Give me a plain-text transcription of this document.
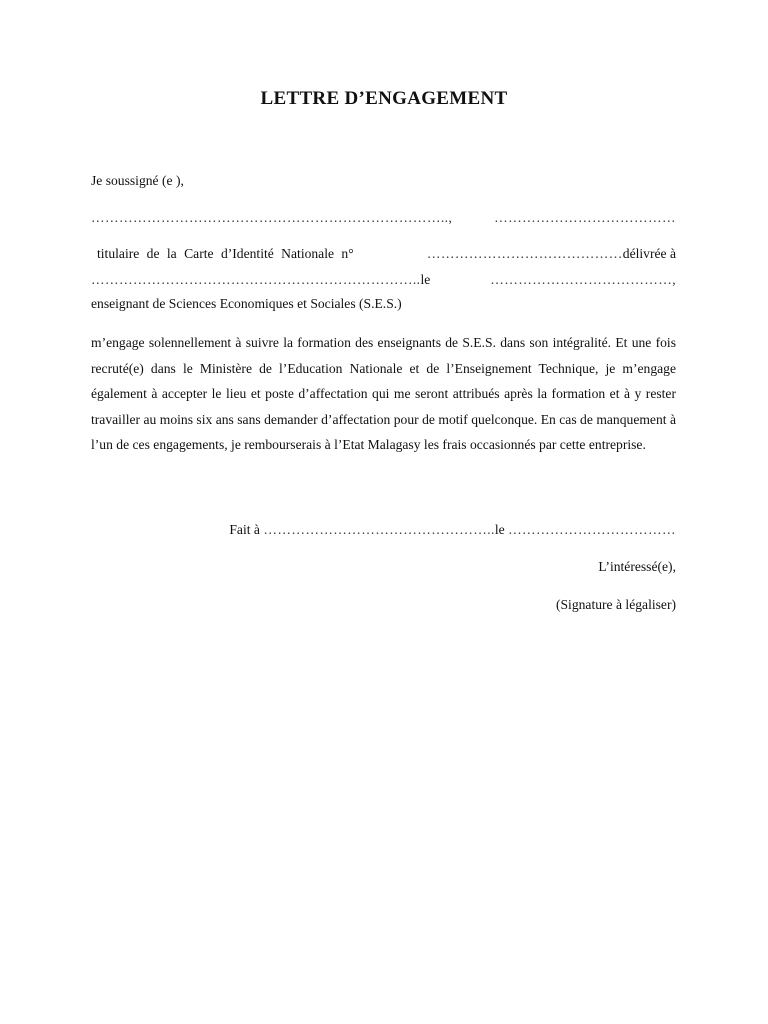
LETTRE D’ENGAGEMENT
Je soussigné (e ),
…………………………………………………………………..,	…………………………………
titulaire de la Carte d’Identité Nationale n°	……………………………………délivrée à
……………………………………………………………..le	…………………………………,
enseignant de Sciences Economiques et Sociales (S.E.S.)
m’engage solennellement à suivre la formation des enseignants de S.E.S. dans son intégralité. Et une fois recruté(e) dans le Ministère de l’Education Nationale et de l’Enseignement Technique, je m’engage également à accepter le lieu et poste d’affectation qui me seront attribués après la formation et à y rester travailler au moins six ans sans demander d’affectation pour de motif quelconque. En cas de manquement à l’un de ces engagements, je rembourserais à l’Etat Malagasy les frais occasionnés par cette entreprise.
Fait à …………………………………………..le ………………………………
L’intéressé(e),
(Signature à légaliser)
